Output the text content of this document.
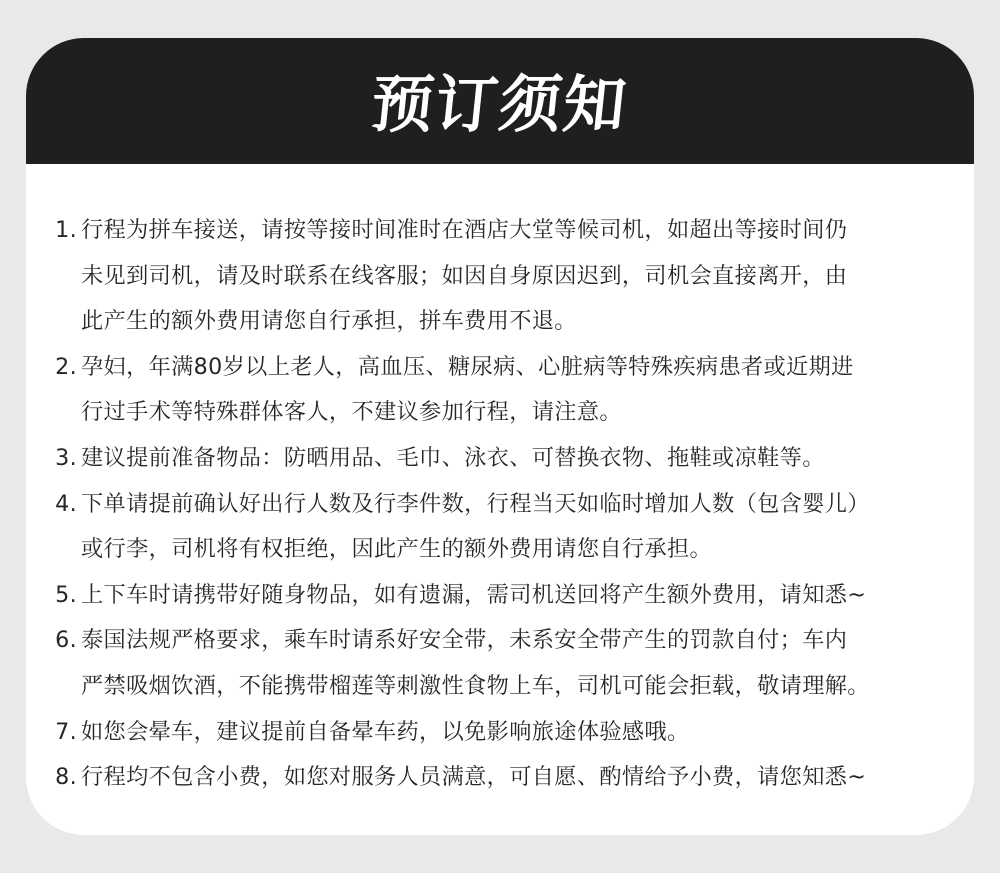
预订须知
1. 行程为拼车接送，请按等接时间准时在酒店大堂等候司机，如超出等接时间仍
未见到司机，请及时联系在线客服；如因自身原因迟到，司机会直接离开，由
此产生的额外费用请您自行承担，拼车费用不退。
2. 孕妇，年满80岁以上老人，高血压、糖尿病、心脏病等特殊疾病患者或近期进
行过手术等特殊群体客人，不建议参加行程，请注意。
3. 建议提前准备物品：防晒用品、毛巾、泳衣、可替换衣物、拖鞋或凉鞋等。
4. 下单请提前确认好出行人数及行李件数，行程当天如临时增加人数（包含婴儿）
或行李，司机将有权拒绝，因此产生的额外费用请您自行承担。
5. 上下车时请携带好随身物品，如有遗漏，需司机送回将产生额外费用，请知悉~
6. 泰国法规严格要求，乘车时请系好安全带，未系安全带产生的罚款自付；车内
严禁吸烟饮酒，不能携带榴莲等刺激性食物上车，司机可能会拒载，敬请理解。
7. 如您会晕车，建议提前自备晕车药，以免影响旅途体验感哦。
8. 行程均不包含小费，如您对服务人员满意，可自愿、酌情给予小费，请您知悉~
